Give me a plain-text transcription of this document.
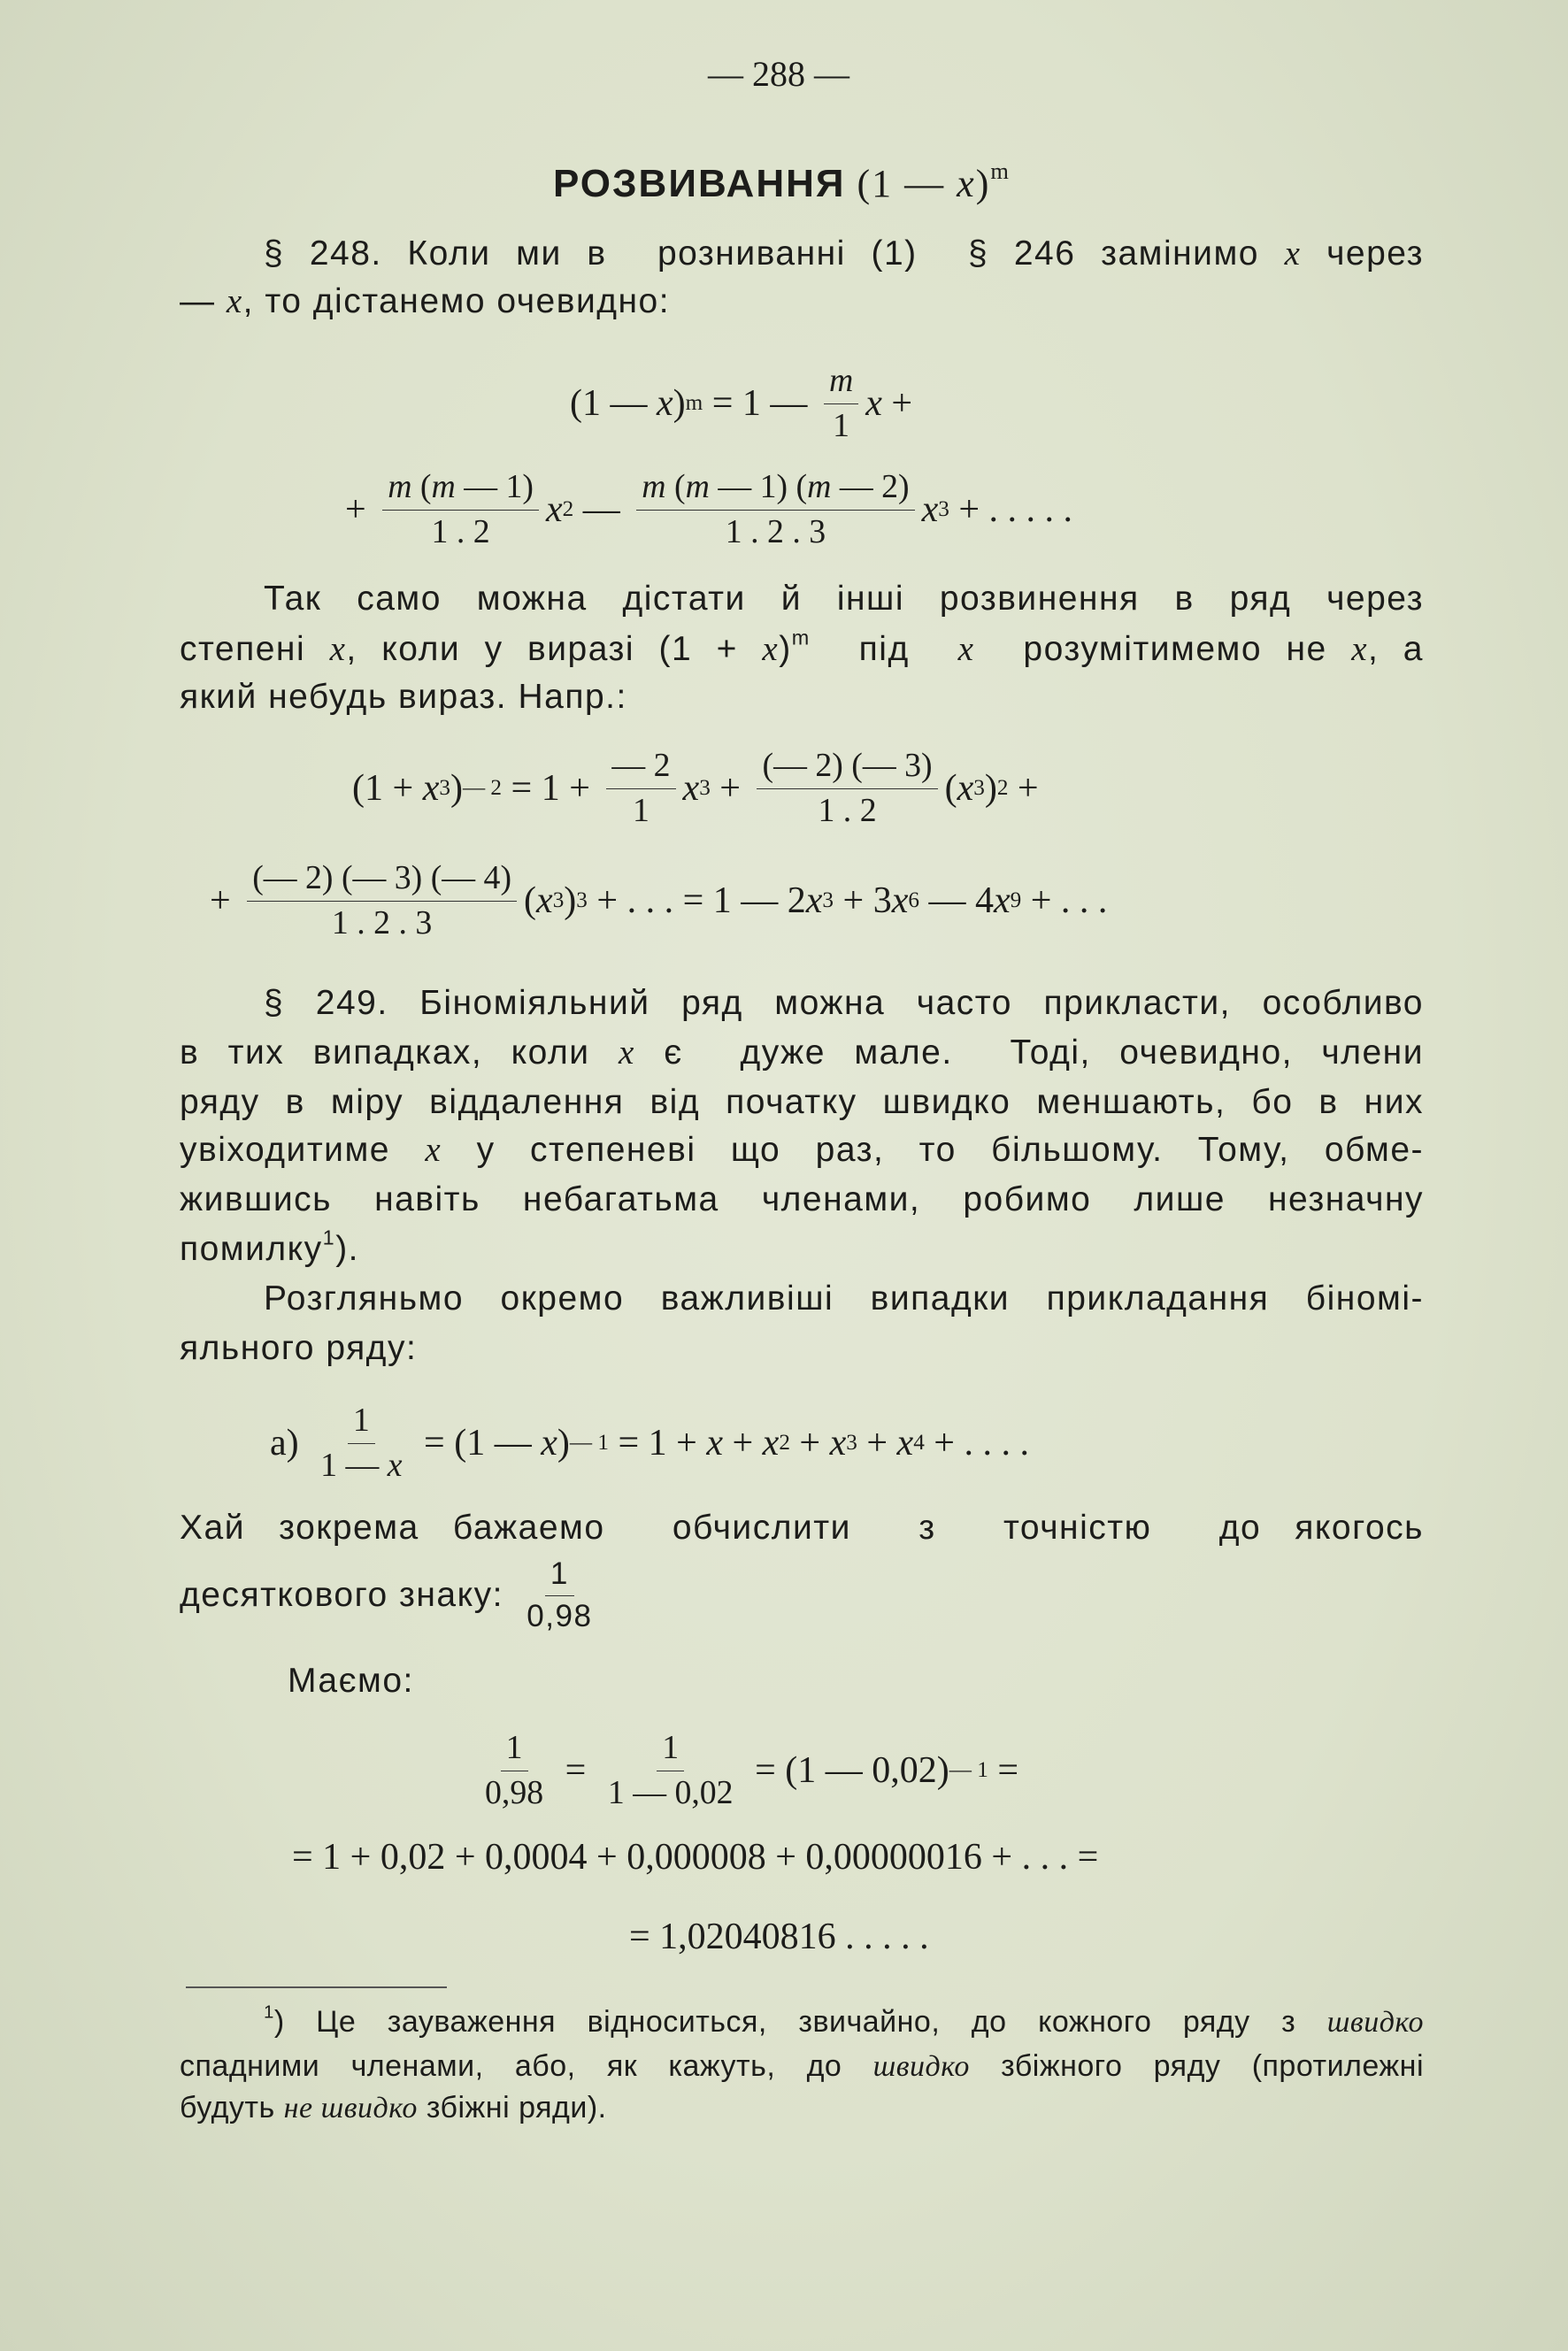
— 288 —
РОЗВИВАННЯ (1 — x)$^m$
§ 248. Коли ми в  розниванні (1)  § 246 замінимо x через
— x, то дістанемо очевидно:
(1 — x ) m = 1 — $\frac{m}{1}$ x +
+ $\frac{m (m — 1)}{1 . 2}$ x 2 — $\frac{m (m — 1) (m — 2)}{1 . 2 . 3}$ x 3 + . . . . .
Так само можна дістати й інші розвинення в ряд через
степені x, коли у виразі $(1 + x)^m$  під  x  розумітимемо не x, а
який небудь вираз. Напр.:
(1 + x 3 ) — $2 = 1 + \frac{— 2}{1}$ x $3 + \frac{(— 2) (— 3)}{1 . 2}$ ( x 3 ) 2 +
+ $\frac{(— 2) (— 3) (— 4)}{1 . 2 . 3}$ ( x 3 ) 3 + . . . = 1 — 2 x 3 + 3 x 6 — 4 x 9 + . . .
§ 249. Біноміяльний ряд можна часто прикласти, особливо
в тих випадках, коли x є  дуже мале.  Тоді, очевидно, члени
ряду в міру віддалення від початку швидко меншають, бо в них
увіходитиме x у степеневі що раз, то більшому. Тому, обме-
жившись навіть небагатьма членами, робимо лише незначну
помилку$^1$).
Розгляньмо окремо важливіші випадки прикладання біномі-
яльного ряду:
$а) \frac{1}{1 — x} = (1$ — x ) — 1 = 1 + x + x 2 + x 3 + x 4 + . . . .
Хай зокрема бажаемо  обчислити  з  точністю  до якогось
десяткового знаку: $\frac{1}{0,98}$
Маємо:
$\frac{1}{0,98} = \frac{1}{1 — 0,02} = (1$ — 0,02) — 1 =
= 1 + 0,02 + 0,0004 + 0,000008 + 0,00000016 + . . . =
= 1,02040816 . . . . .
$^1$) Це зауваження відноситься, звичайно, до кожного ряду з швидко
спадними членами, або, як кажуть, до швидко збіжного ряду (протилежні
будуть не швидко збіжні ряди).
